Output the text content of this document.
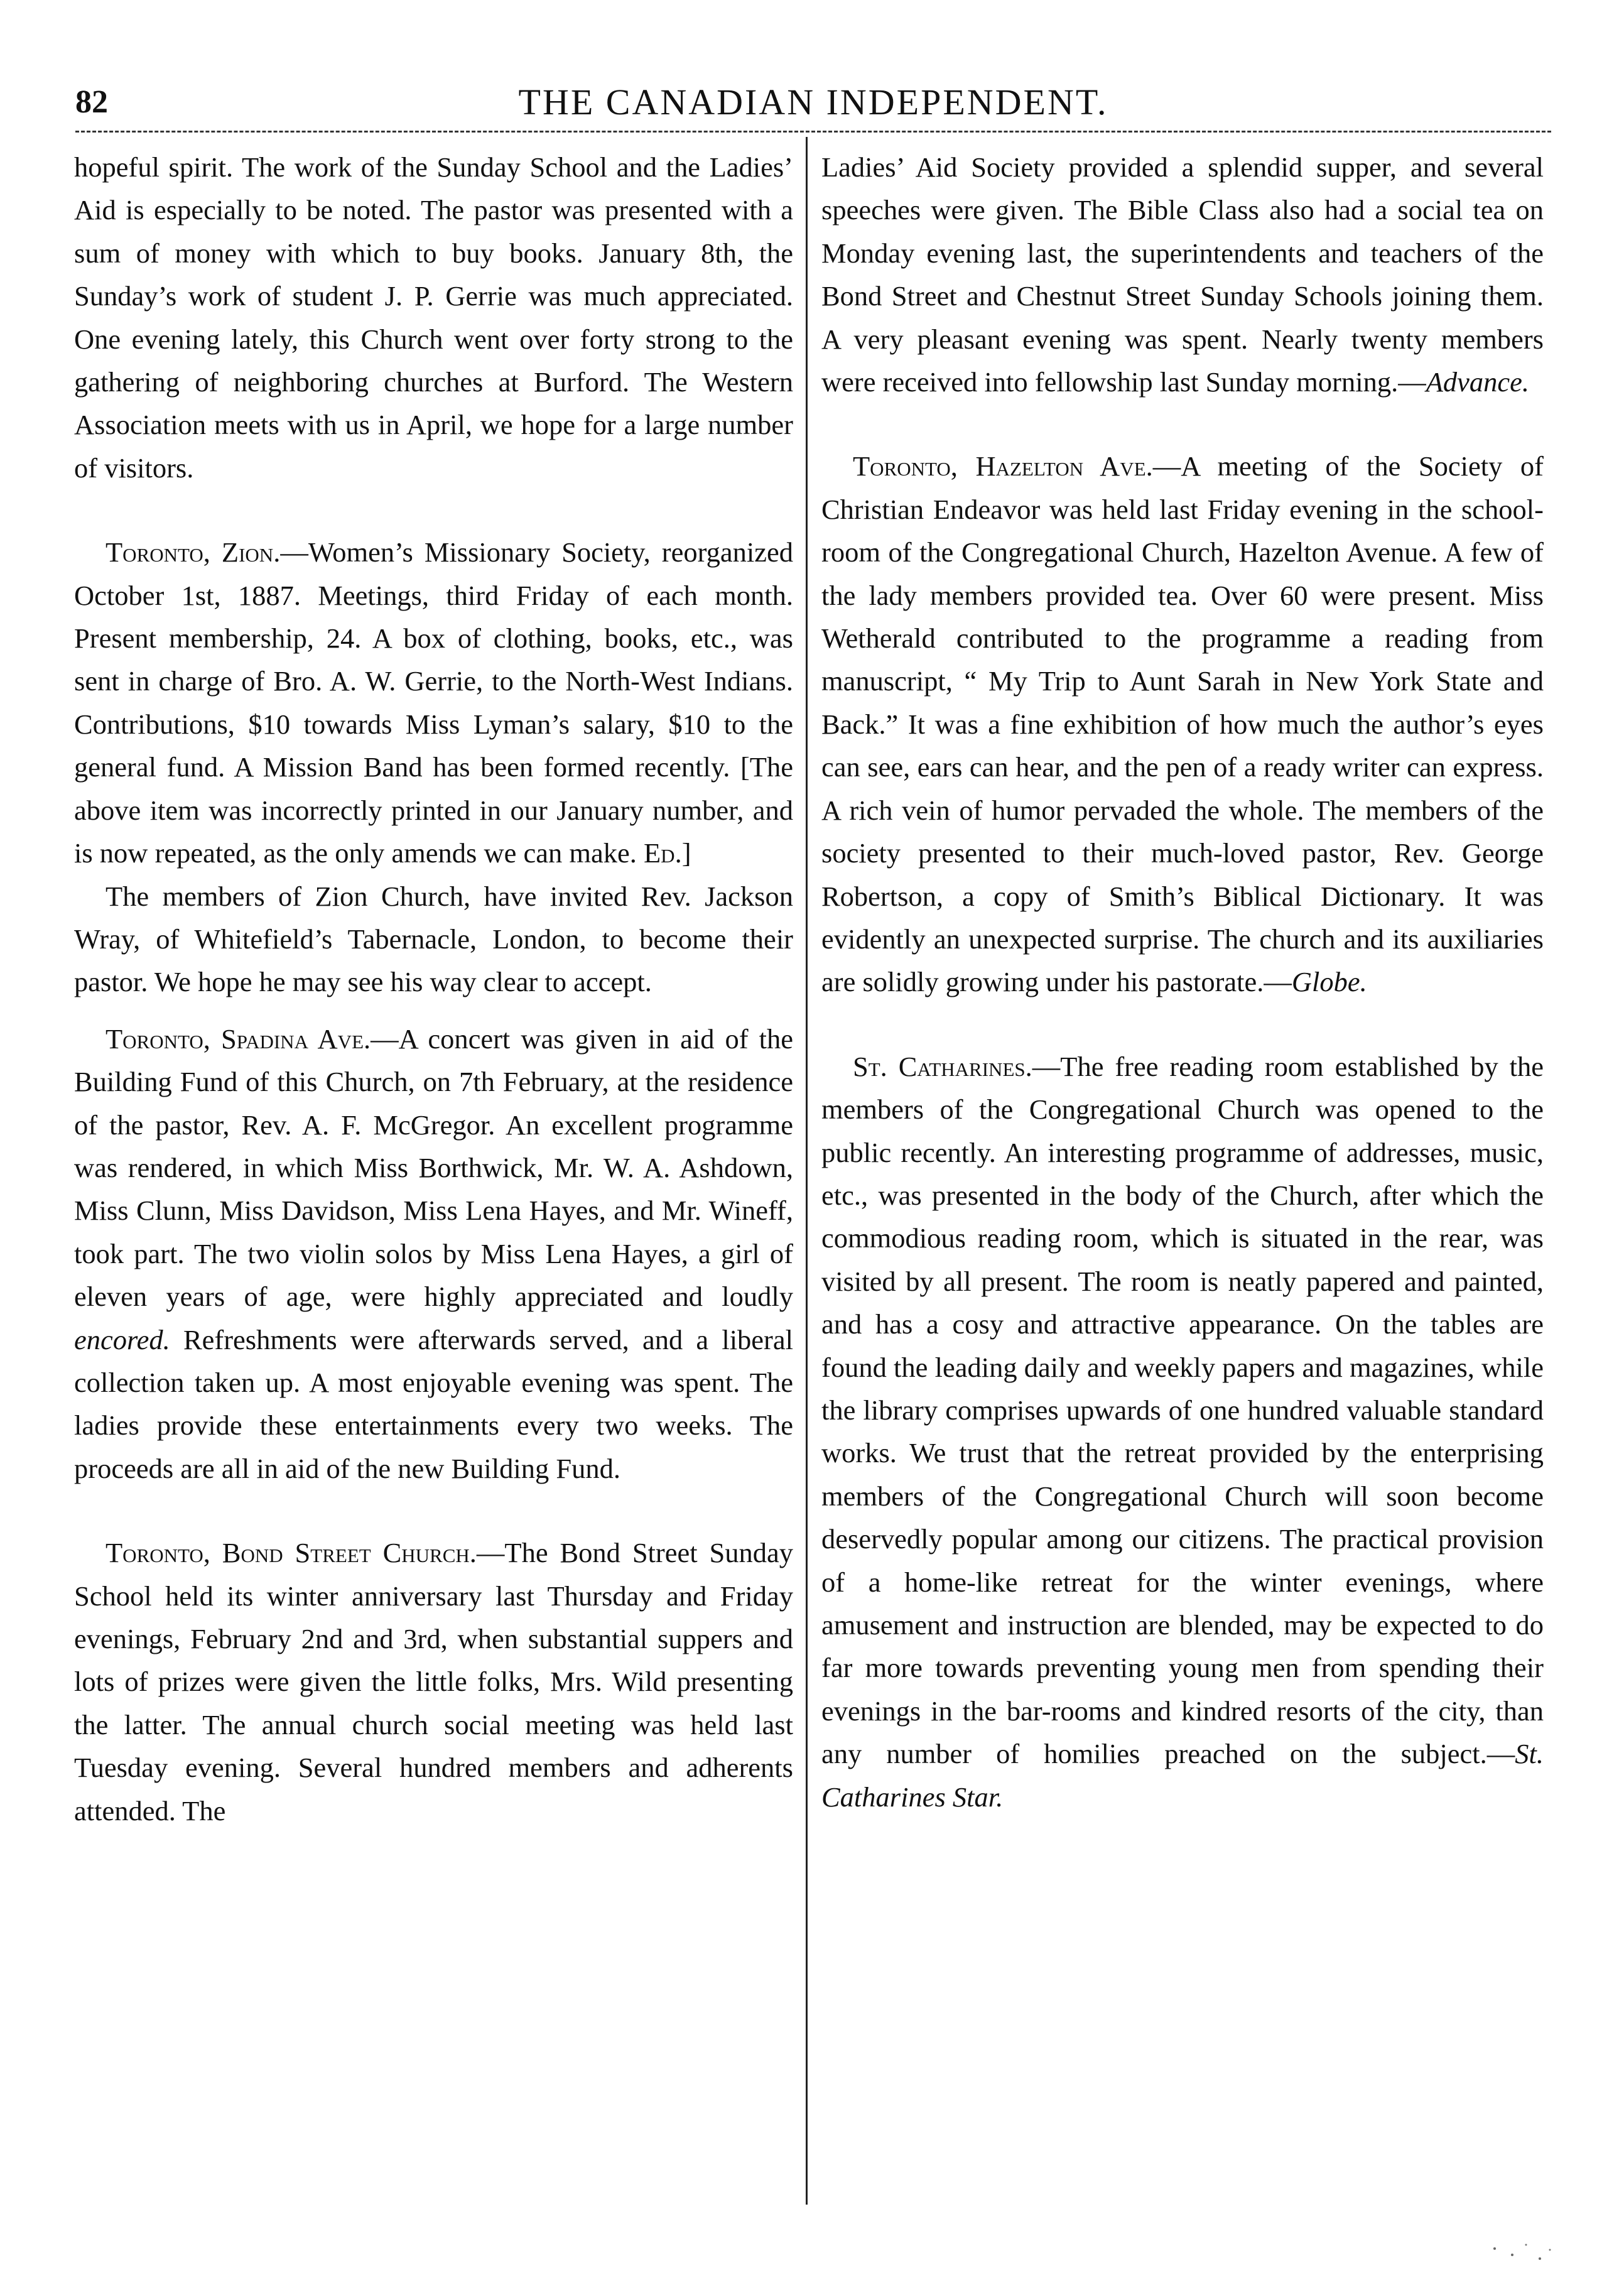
82	THE CANADIAN INDEPENDENT.

hopeful spirit. The work of the Sunday School and the Ladies’ Aid is especially to be noted. The pastor was presented with a sum of money with which to buy books. January 8th, the Sunday’s work of student J. P. Gerrie was much appreciated. One evening lately, this Church went over forty strong to the gathering of neighboring churches at Burford. The Western Association meets with us in April, we hope for a large number of visitors.

Toronto, Zion.—Women’s Missionary Society, reorganized October 1st, 1887. Meetings, third Friday of each month. Present membership, 24. A box of clothing, books, etc., was sent in charge of Bro. A. W. Gerrie, to the North-West Indians. Contributions, $10 towards Miss Lyman’s salary, $10 to the general fund. A Mission Band has been formed recently. [The above item was incorrectly printed in our January number, and is now repeated, as the only amends we can make. Ed.]

The members of Zion Church, have invited Rev. Jackson Wray, of Whitefield’s Tabernacle, London, to become their pastor. We hope he may see his way clear to accept.

Toronto, Spadina Ave.—A concert was given in aid of the Building Fund of this Church, on 7th February, at the residence of the pastor, Rev. A. F. McGregor. An excellent programme was rendered, in which Miss Borthwick, Mr. W. A. Ashdown, Miss Clunn, Miss Davidson, Miss Lena Hayes, and Mr. Wineff, took part. The two violin solos by Miss Lena Hayes, a girl of eleven years of age, were highly appreciated and loudly encored. Refreshments were afterwards served, and a liberal collection taken up. A most enjoyable evening was spent. The ladies provide these entertainments every two weeks. The proceeds are all in aid of the new Building Fund.

Toronto, Bond Street Church.—The Bond Street Sunday School held its winter anniversary last Thursday and Friday evenings, February 2nd and 3rd, when substantial suppers and lots of prizes were given the little folks, Mrs. Wild presenting the latter. The annual church social meeting was held last Tuesday evening. Several hundred members and adherents attended. The

Ladies’ Aid Society provided a splendid supper, and several speeches were given. The Bible Class also had a social tea on Monday evening last, the superintendents and teachers of the Bond Street and Chestnut Street Sunday Schools joining them. A very pleasant evening was spent. Nearly twenty members were received into fellowship last Sunday morning.—Advance.

Toronto, Hazelton Ave.—A meeting of the Society of Christian Endeavor was held last Friday evening in the school-room of the Congregational Church, Hazelton Avenue. A few of the lady members provided tea. Over 60 were present. Miss Wetherald contributed to the programme a reading from manuscript, “ My Trip to Aunt Sarah in New York State and Back.” It was a fine exhibition of how much the author’s eyes can see, ears can hear, and the pen of a ready writer can express. A rich vein of humor pervaded the whole. The members of the society presented to their much-loved pastor, Rev. George Robertson, a copy of Smith’s Biblical Dictionary. It was evidently an unexpected surprise. The church and its auxiliaries are solidly growing under his pastorate.—Globe.

St. Catharines.—The free reading room established by the members of the Congregational Church was opened to the public recently. An interesting programme of addresses, music, etc., was presented in the body of the Church, after which the commodious reading room, which is situated in the rear, was visited by all present. The room is neatly papered and painted, and has a cosy and attractive appearance. On the tables are found the leading daily and weekly papers and magazines, while the library comprises upwards of one hundred valuable standard works. We trust that the retreat provided by the enterprising members of the Congregational Church will soon become deservedly popular among our citizens. The practical provision of a home-like retreat for the winter evenings, where amusement and instruction are blended, may be expected to do far more towards preventing young men from spending their evenings in the bar-rooms and kindred resorts of the city, than any number of homilies preached on the subject.—St. Catharines Star.
